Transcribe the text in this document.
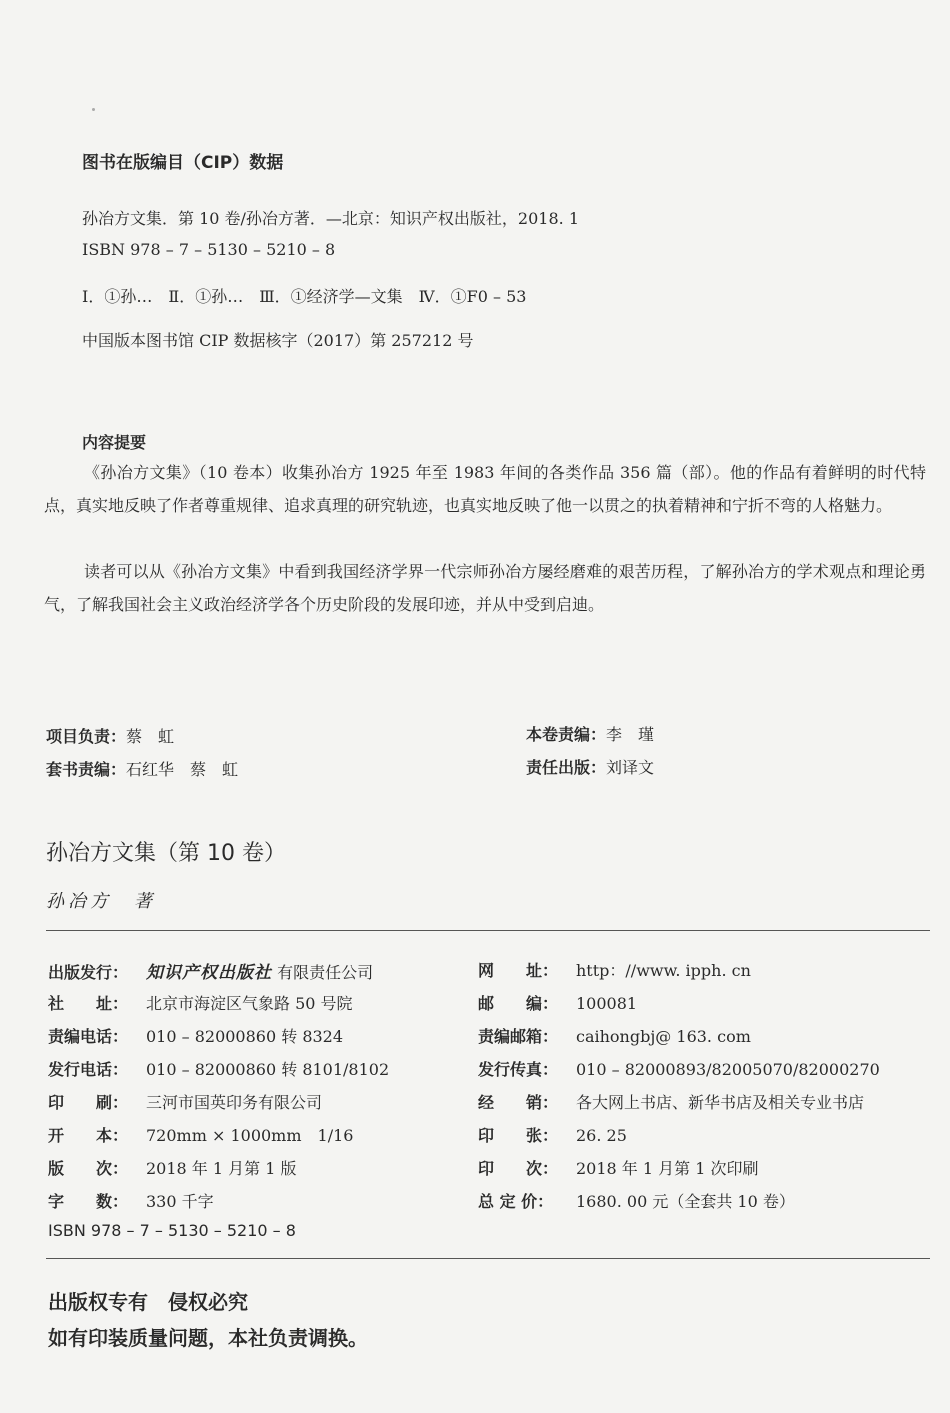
图书在版编目（CIP）数据
孙冶方文集．第 10 卷/孙冶方著．—北京：知识产权出版社，2018. 1
ISBN 978 – 7 – 5130 – 5210 – 8
Ⅰ．①孙…　Ⅱ．①孙…　Ⅲ．①经济学—文集　Ⅳ．①F0 – 53
中国版本图书馆 CIP 数据核字（2017）第 257212 号
内容提要
《孙冶方文集》（10 卷本）收集孙冶方 1925 年至 1983 年间的各类作品 356 篇（部）。他的作品有着鲜明的时代特点，真实地反映了作者尊重规律、追求真理的研究轨迹，也真实地反映了他一以贯之的执着精神和宁折不弯的人格魅力。
读者可以从《孙冶方文集》中看到我国经济学界一代宗师孙冶方屡经磨难的艰苦历程，了解孙冶方的学术观点和理论勇气，了解我国社会主义政治经济学各个历史阶段的发展印迹，并从中受到启迪。
项目负责：蔡　虹	本卷责编：李　瑾
套书责编：石红华　蔡　虹	责任出版：刘译文
孙冶方文集（第 10 卷）
孙冶方　著
出版发行： 知识产权出版社 有限责任公司
社　　址： 北京市海淀区气象路 50 号院
责编电话： 010 – 82000860 转 8324
发行电话： 010 – 82000860 转 8101/8102
印　　刷： 三河市国英印务有限公司
开　　本： 720mm × 1000mm　1/16
版　　次： 2018 年 1 月第 1 版
字　　数： 330 千字
ISBN 978 – 7 – 5130 – 5210 – 8
网　　址： http：//www. ipph. cn
邮　　编： 100081
责编邮箱： caihongbj@ 163. com
发行传真： 010 – 82000893/82005070/82000270
经　　销： 各大网上书店、新华书店及相关专业书店
印　　张： 26. 25
印　　次： 2018 年 1 月第 1 次印刷
总 定 价： 1680. 00 元（全套共 10 卷）
出版权专有　侵权必究
如有印装质量问题，本社负责调换。
